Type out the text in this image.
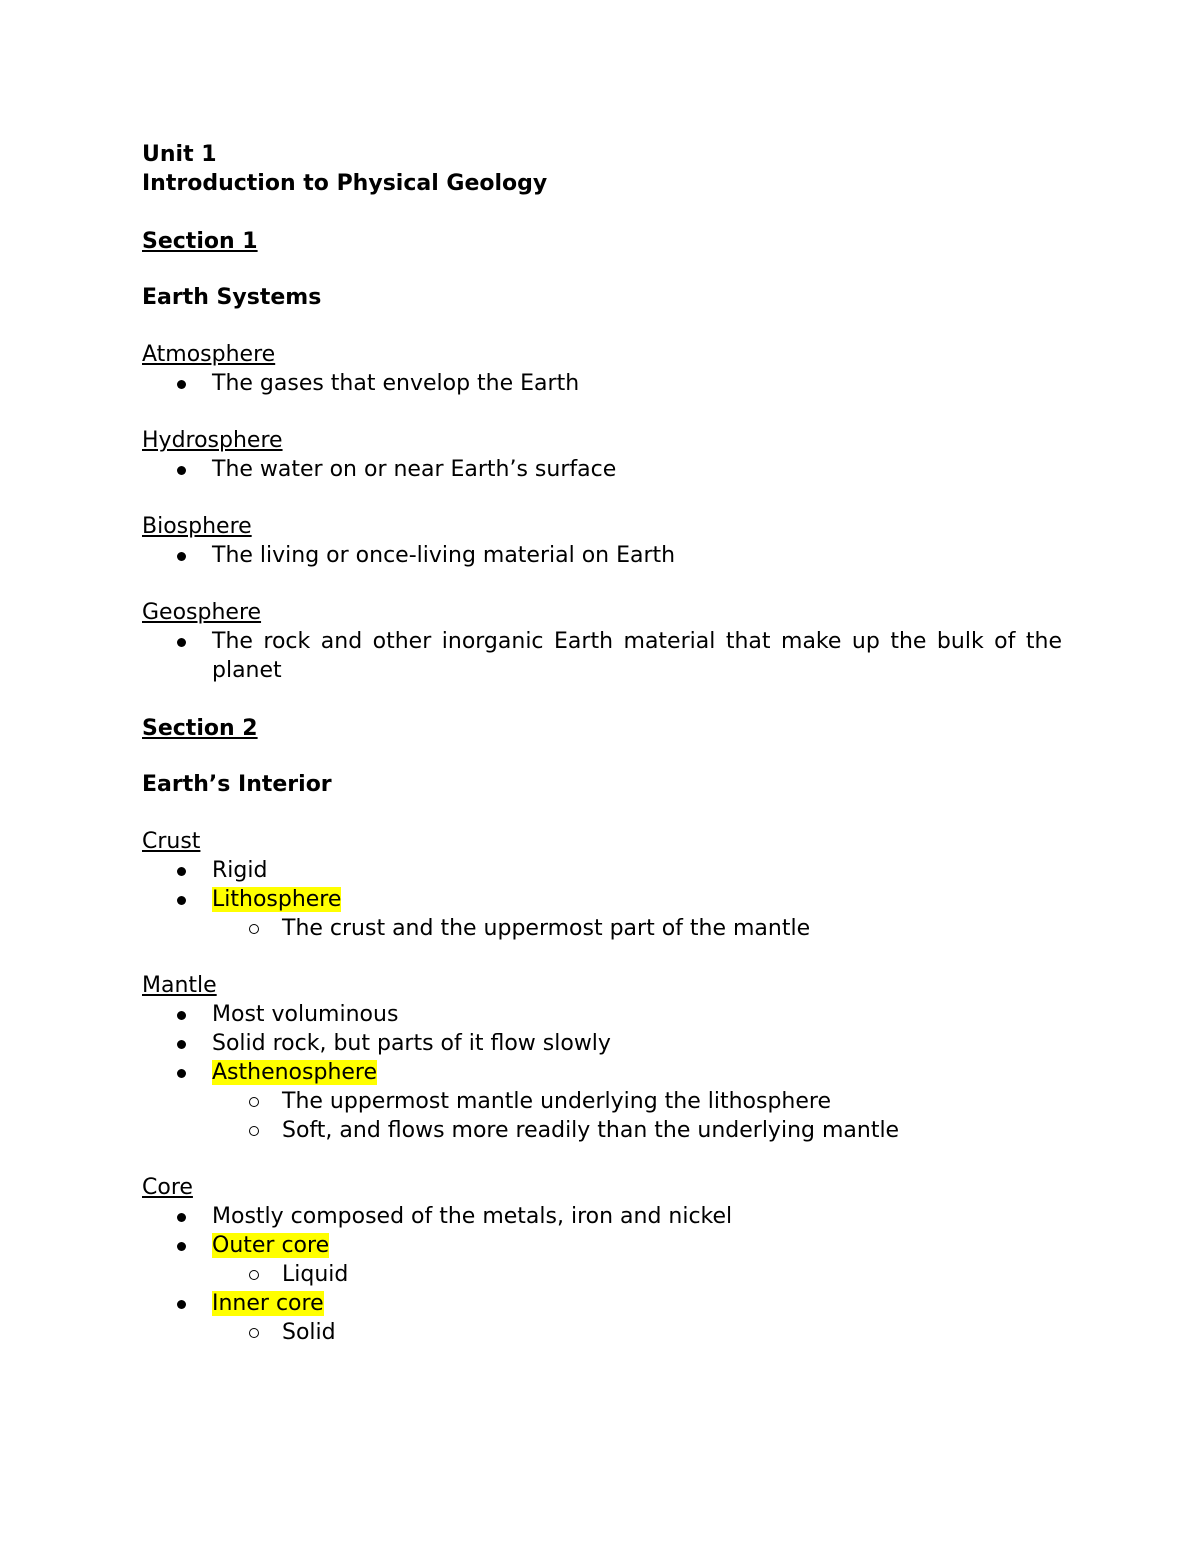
Unit 1
Introduction to Physical Geology
Section 1
Earth Systems
Atmosphere
The gases that envelop the Earth
Hydrosphere
The water on or near Earth’s surface
Biosphere
The living or once-living material on Earth
Geosphere
The rock and other inorganic Earth material that make up the bulk of the planet
Section 2
Earth’s Interior
Crust
Rigid
Lithosphere
The crust and the uppermost part of the mantle
Mantle
Most voluminous
Solid rock, but parts of it flow slowly
Asthenosphere
The uppermost mantle underlying the lithosphere
Soft, and flows more readily than the underlying mantle
Core
Mostly composed of the metals, iron and nickel
Outer core
Liquid
Inner core
Solid
